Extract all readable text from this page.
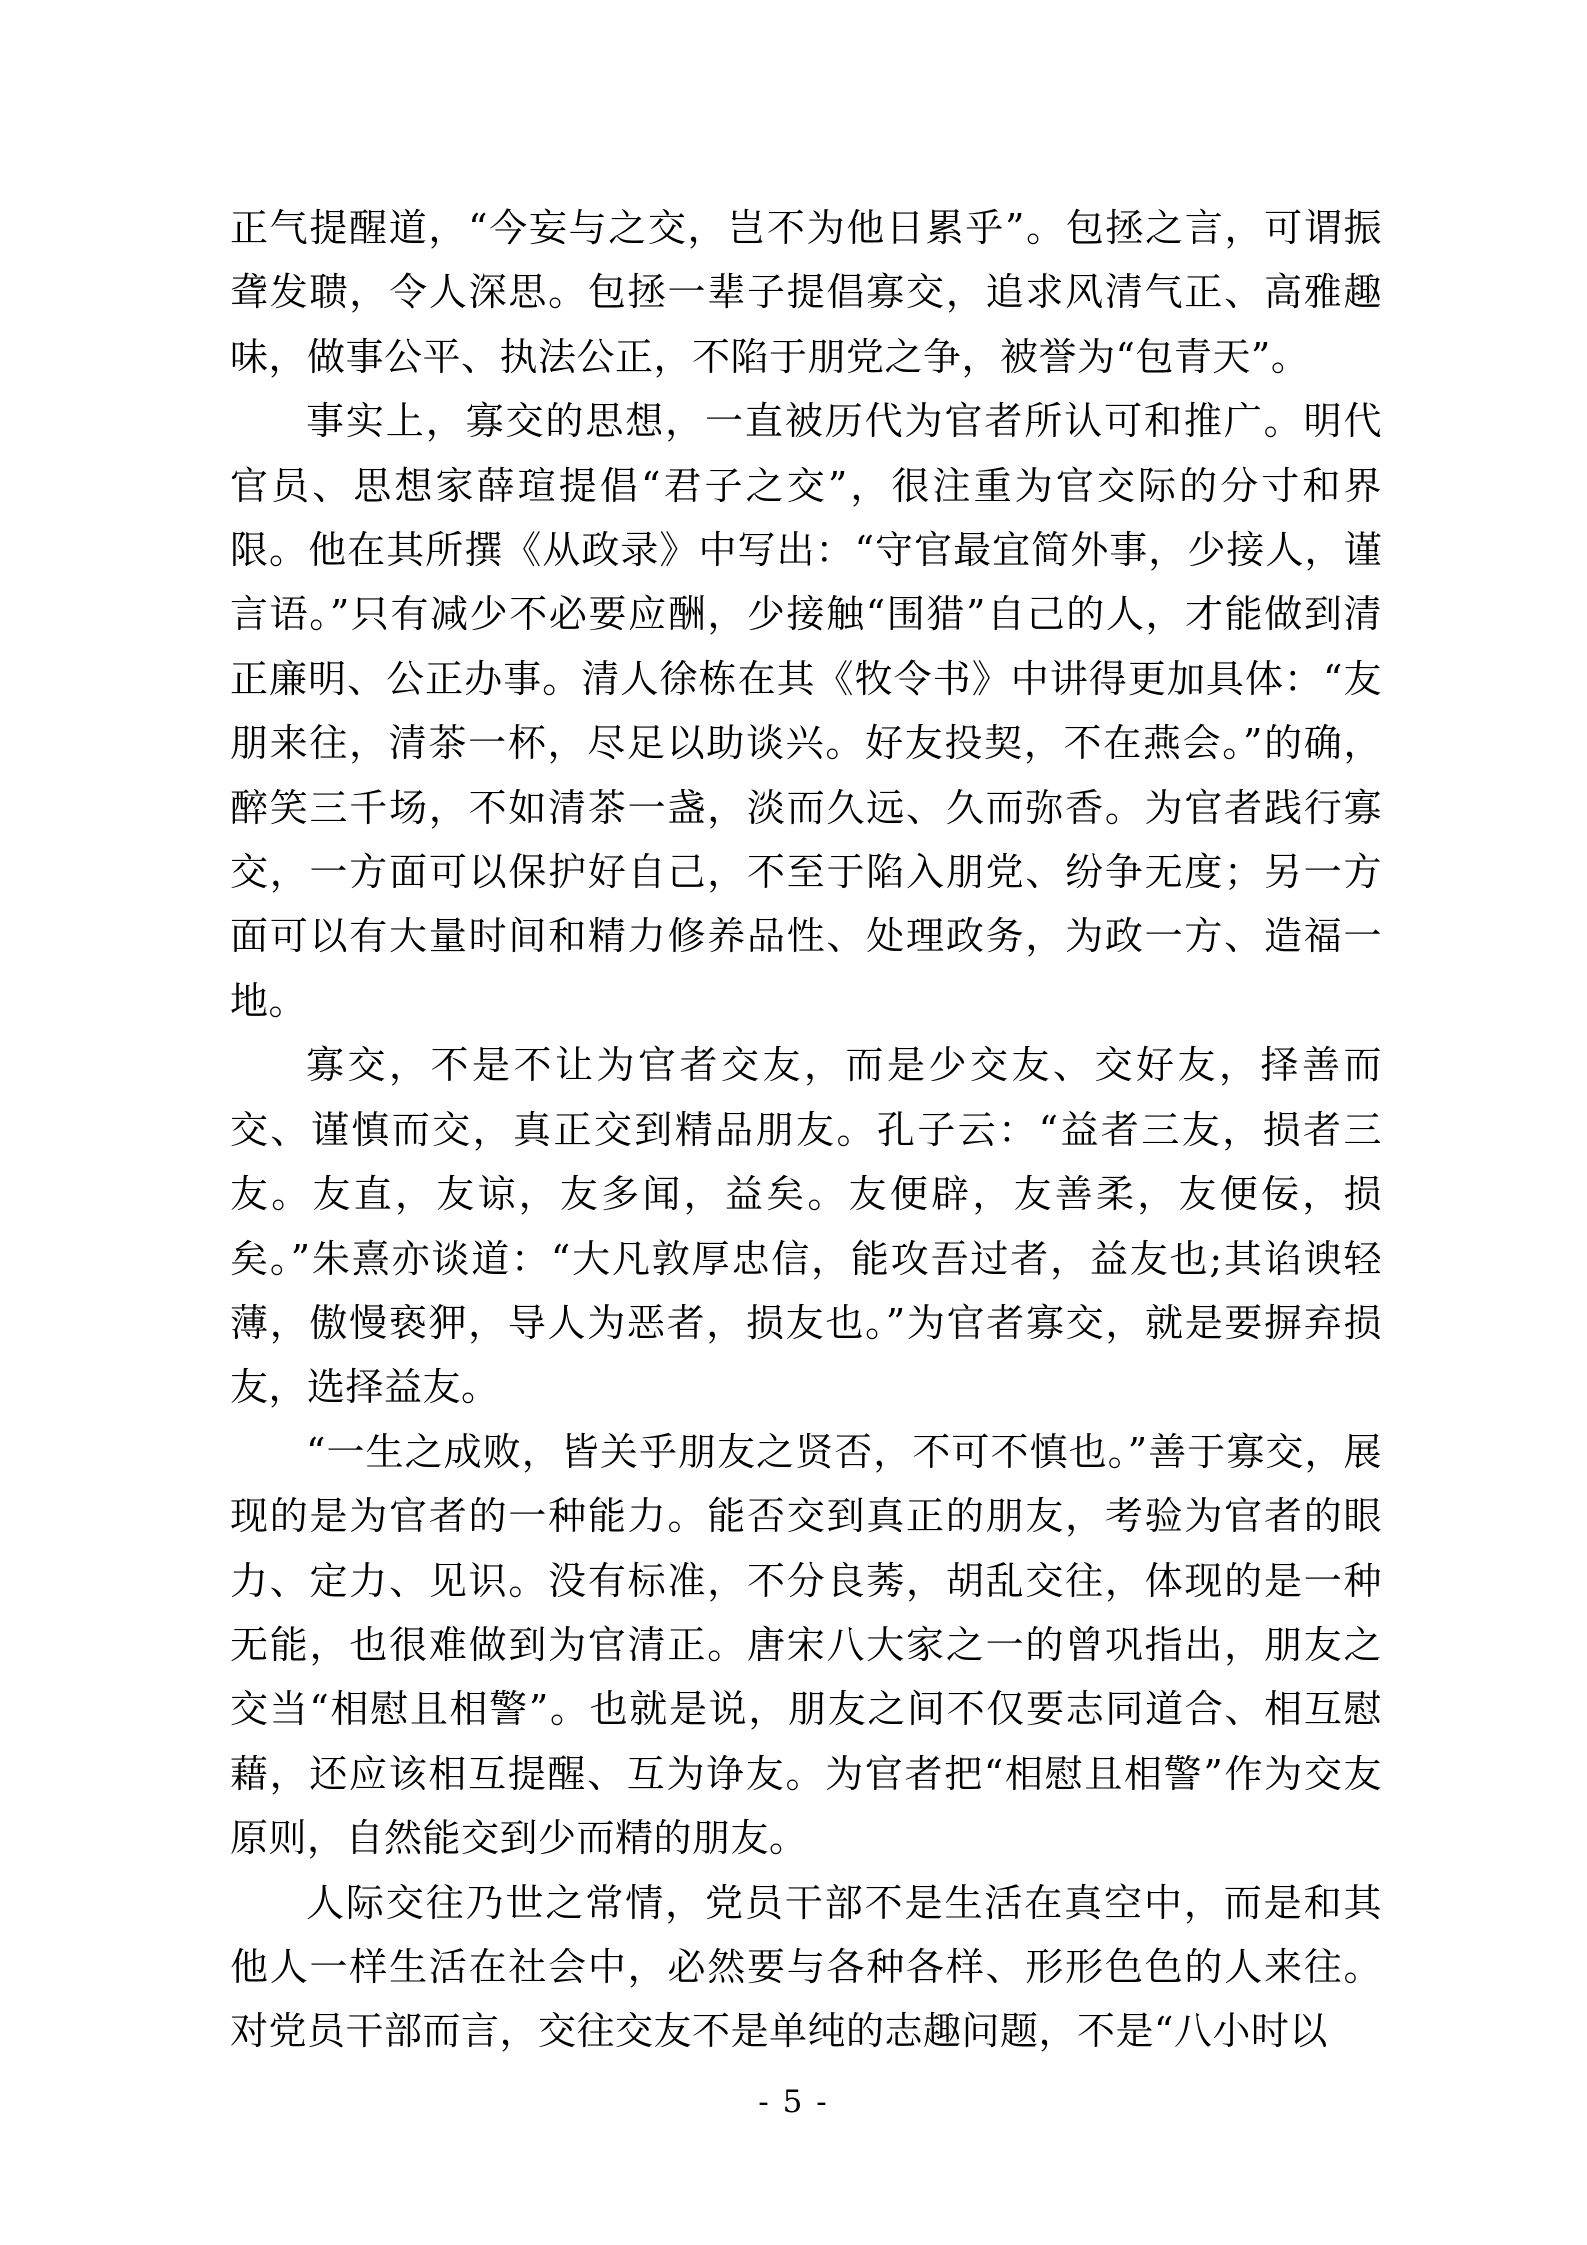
正气提醒道，“今妄与之交，岂不为他日累乎”。包拯之言，可谓振聋发聩，令人深思。包拯一辈子提倡寡交，追求风清气正、高雅趣味，做事公平、执法公正，不陷于朋党之争，被誉为“包青天”。

事实上，寡交的思想，一直被历代为官者所认可和推广。明代官员、思想家薛瑄提倡“君子之交”，很注重为官交际的分寸和界限。他在其所撰《从政录》中写出：“守官最宜简外事，少接人，谨言语。”只有减少不必要应酬，少接触“围猎”自己的人，才能做到清正廉明、公正办事。清人徐栋在其《牧令书》中讲得更加具体：“友朋来往，清茶一杯，尽足以助谈兴。好友投契，不在燕会。”的确，醉笑三千场，不如清茶一盏，淡而久远、久而弥香。为官者践行寡交，一方面可以保护好自己，不至于陷入朋党、纷争无度；另一方面可以有大量时间和精力修养品性、处理政务，为政一方、造福一地。

寡交，不是不让为官者交友，而是少交友、交好友，择善而交、谨慎而交，真正交到精品朋友。孔子云：“益者三友，损者三友。友直，友谅，友多闻，益矣。友便辟，友善柔，友便佞，损矣。”朱熹亦谈道：“大凡敦厚忠信，能攻吾过者，益友也;其谄谀轻薄，傲慢亵狎，导人为恶者，损友也。”为官者寡交，就是要摒弃损友，选择益友。

“一生之成败，皆关乎朋友之贤否，不可不慎也。”善于寡交，展现的是为官者的一种能力。能否交到真正的朋友，考验为官者的眼力、定力、见识。没有标准，不分良莠，胡乱交往，体现的是一种无能，也很难做到为官清正。唐宋八大家之一的曾巩指出，朋友之交当“相慰且相警”。也就是说，朋友之间不仅要志同道合、相互慰藉，还应该相互提醒、互为诤友。为官者把“相慰且相警”作为交友原则，自然能交到少而精的朋友。

人际交往乃世之常情，党员干部不是生活在真空中，而是和其他人一样生活在社会中，必然要与各种各样、形形色色的人来往。对党员干部而言，交往交友不是单纯的志趣问题，不是“八小时以

- 5 -
